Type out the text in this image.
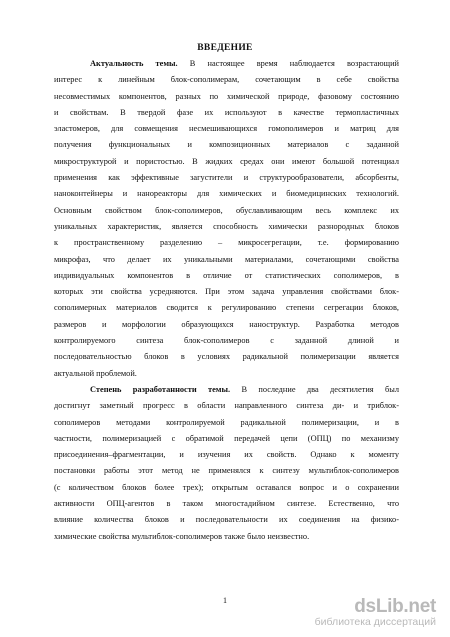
ВВЕДЕНИЕ
Актуальность темы. В настоящее время наблюдается возрастающий
интерес к линейным блок-сополимерам, сочетающим в себе свойства
несовместимых компонентов, разных по химической природе, фазовому состоянию
и свойствам. В твердой фазе их используют в качестве термопластичных
эластомеров, для совмещения несмешивающихся гомополимеров и матриц для
получения функциональных и композиционных материалов с заданной
микроструктурой и пористостью. В жидких средах они имеют большой потенциал
применения как эффективные загустители и структурообразователи, абсорбенты,
наноконтейнеры и нанореакторы для химических и биомедицинских технологий.
Основным свойством блок-сополимеров, обуславливающим весь комплекс их
уникальных характеристик, является способность химически разнородных блоков
к пространственному разделению – микросегрегации, т.е. формированию
микрофаз, что делает их уникальными материалами, сочетающими свойства
индивидуальных компонентов в отличие от статистических сополимеров, в
которых эти свойства усредняются. При этом задача управления свойствами блок-
сополимерных материалов сводится к регулированию степени сегрегации блоков,
размеров и морфологии образующихся наноструктур. Разработка методов
контролируемого синтеза блок-сополимеров с заданной длиной и
последовательностью блоков в условиях радикальной полимеризации является
актуальной проблемой.
Степень разработанности темы. В последние два десятилетия был
достигнут заметный прогресс в области направленного синтеза ди- и триблок-
сополимеров методами контролируемой радикальной полимеризации, и в
частности, полимеризацией с обратимой передачей цепи (ОПЦ) по механизму
присоединения–фрагментации, и изучения их свойств. Однако к моменту
постановки работы этот метод не применялся к синтезу мультиблок-сополимеров
(с количеством блоков более трех); открытым оставался вопрос и о сохранении
активности ОПЦ-агентов в таком многостадийном синтезе. Естественно, что
влияние количества блоков и последовательности их соединения на физико-
химические свойства мультиблок-сополимеров также было неизвестно.
1	dsLib.net
библиотека диссертаций
